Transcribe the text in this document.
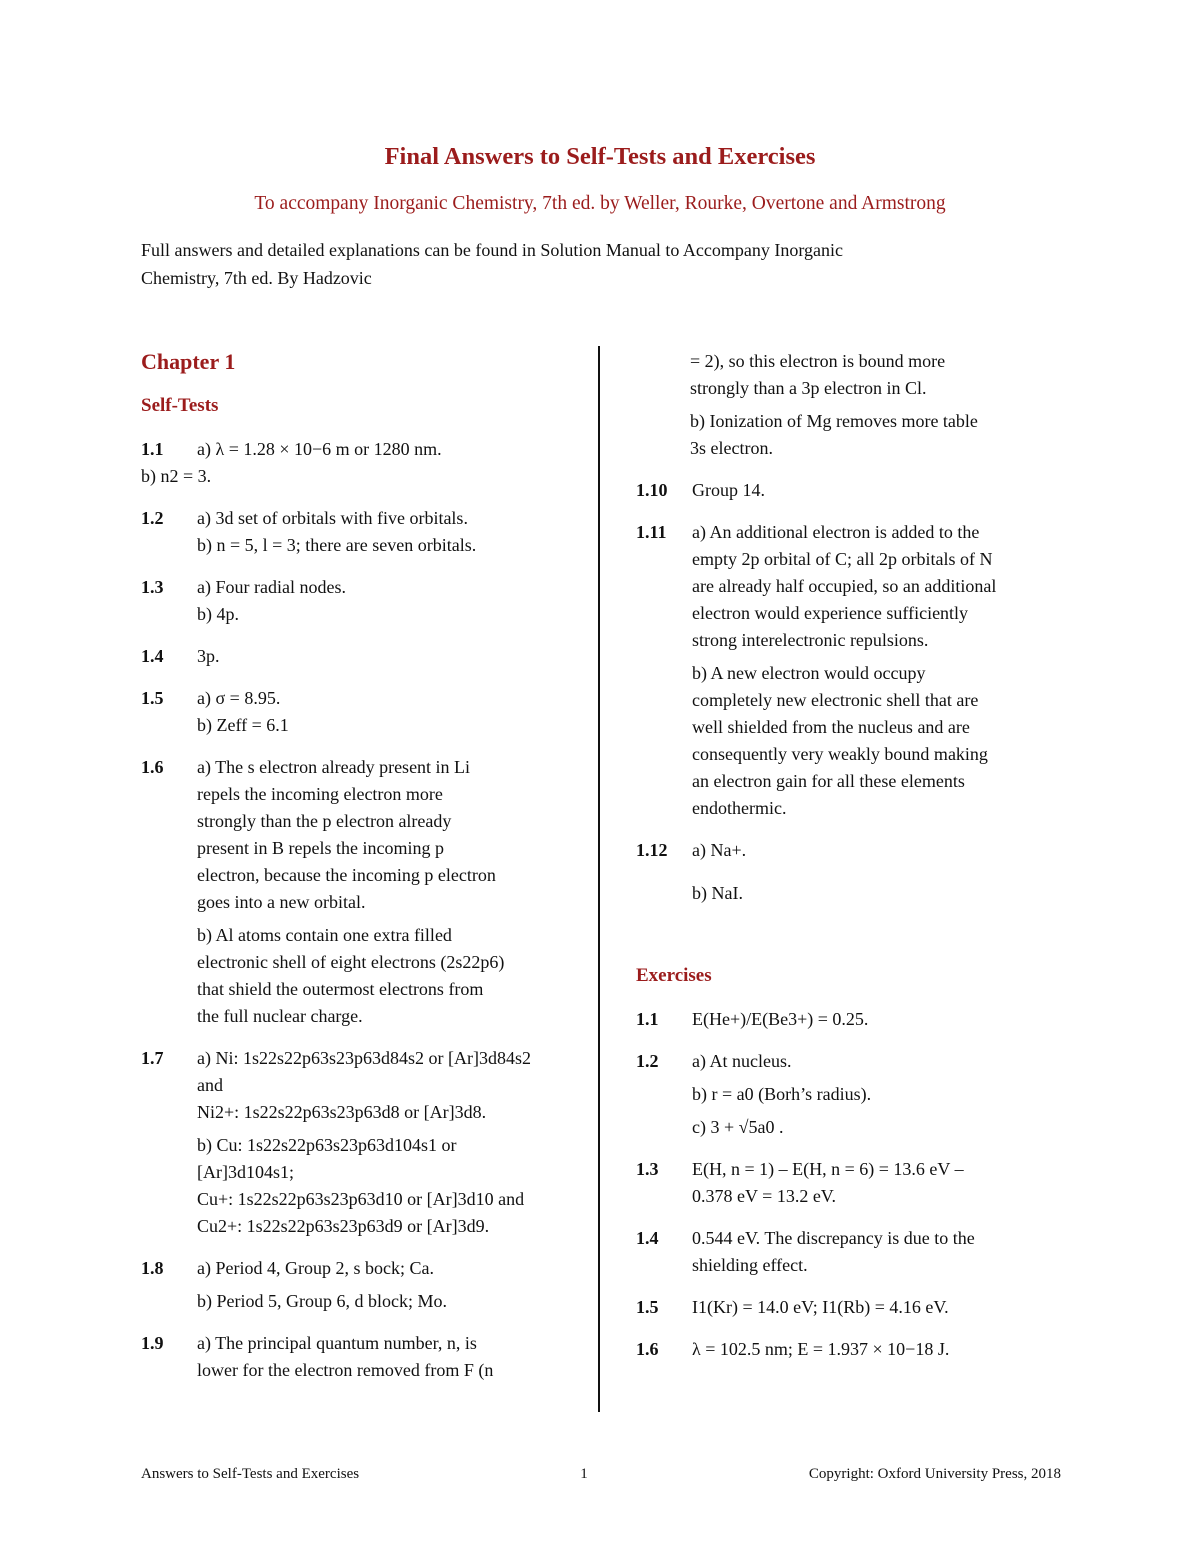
Final Answers to Self-Tests and Exercises
To accompany Inorganic Chemistry, 7th ed. by Weller, Rourke, Overtone and Armstrong
Full answers and detailed explanations can be found in Solution Manual to Accompany Inorganic
Chemistry, 7th ed. By Hadzovic
Chapter 1
Self-Tests
1.1	a) λ = 1.28 × 10−6 m or 1280 nm.
b) n2 = 3.
1.2	a) 3d set of orbitals with five orbitals.
b) n = 5, l = 3; there are seven orbitals.
1.3	a) Four radial nodes.
b) 4p.
1.4	3p.
1.5	a) σ = 8.95.
b) Zeff = 6.1
1.6	a) The s electron already present in Li
repels the incoming electron more
strongly than the p electron already
present in B repels the incoming p
electron, because the incoming p electron
goes into a new orbital.

b) Al atoms contain one extra filled
electronic shell of eight electrons (2s22p6)
that shield the outermost electrons from
the full nuclear charge.

1.7	a) Ni: 1s22s22p63s23p63d84s2 or [Ar]3d84s2
and
Ni2+: 1s22s22p63s23p63d8 or [Ar]3d8.

b) Cu: 1s22s22p63s23p63d104s1 or
[Ar]3d104s1;
Cu+: 1s22s22p63s23p63d10 or [Ar]3d10 and
Cu2+: 1s22s22p63s23p63d9 or [Ar]3d9.

1.8	a) Period 4, Group 2, s bock; Ca.

b) Period 5, Group 6, d block; Mo.

1.9	a) The principal quantum number, n, is
lower for the electron removed from F (n
= 2), so this electron is bound more
strongly than a 3p electron in Cl.
b) Ionization of Mg removes more table
3s electron.
1.10	Group 14.
1.11	a) An additional electron is added to the
empty 2p orbital of C; all 2p orbitals of N
are already half occupied, so an additional
electron would experience sufficiently
strong interelectronic repulsions.

b) A new electron would occupy
completely new electronic shell that are
well shielded from the nucleus and are
consequently very weakly bound making
an electron gain for all these elements
endothermic.

1.12	a) Na+.

b) NaI.

Exercises
1.1	E(He+)/E(Be3+) = 0.25.
1.2	a) At nucleus.

b) r = a0 (Borh’s radius).

c) 3 + √5a0 .

1.3	E(H, n = 1) – E(H, n = 6) = 13.6 eV –
0.378 eV = 13.2 eV.
1.4	0.544 eV. The discrepancy is due to the
shielding effect.
1.5	I1(Kr) = 14.0 eV; I1(Rb) = 4.16 eV.
1.6	λ = 102.5 nm; E = 1.937 × 10−18 J.
Answers to Self-Tests and Exercises	1	Copyright: Oxford University Press, 2018
